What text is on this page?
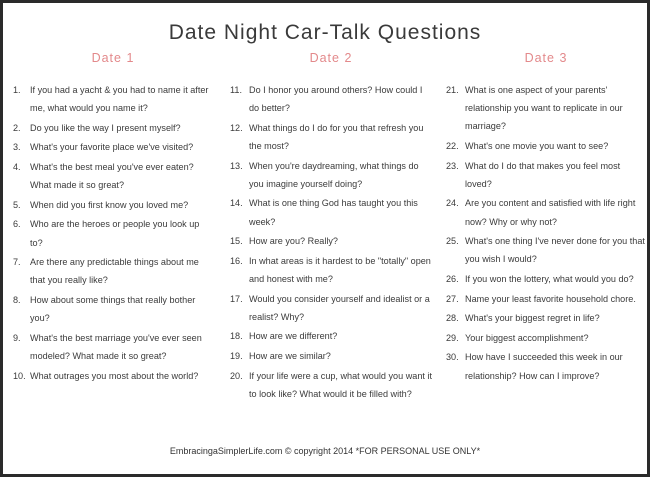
Date Night Car-Talk Questions
Date 1
1.	If you had a yacht & you had to name it after me, what would you name it?
2.	Do you like the way I present myself?
3.	What's your favorite place we've visited?
4.	What's the best meal you've ever eaten? What made it so great?
5.	When did you first know you loved me?
6.	Who are the heroes or people you look up to?
7.	Are there any predictable things about me that you really like?
8.	How about some things that really bother you?
9.	What's the best marriage you've ever seen modeled? What made it so great?
10. What outrages you most about the world?
Date 2
11. Do I honor you around others? How could I do better?
12. What things do I do for you that refresh you the most?
13. When you're daydreaming, what things do you imagine yourself doing?
14. What is one thing God has taught you this week?
15. How are you? Really?
16. In what areas is it hardest to be "totally" open and honest with me?
17. Would you consider yourself and idealist or a realist? Why?
18. How are we different?
19. How are we similar?
20. If your life were a cup, what would you want it to look like? What would it be filled with?
Date 3
21. What is one aspect of your parents' relationship you want to replicate in our marriage?
22. What's one movie you want to see?
23. What do I do that makes you feel most loved?
24. Are you content and satisfied with life right now? Why or why not?
25. What's one thing I've never done for you that you wish I would?
26. If you won the lottery, what would you do?
27. Name your least favorite household chore.
28. What's your biggest regret in life?
29. Your biggest accomplishment?
30. How have I succeeded this week in our relationship? How can I improve?
EmbracingaSimplerLife.com © copyright 2014 *FOR PERSONAL USE ONLY*
